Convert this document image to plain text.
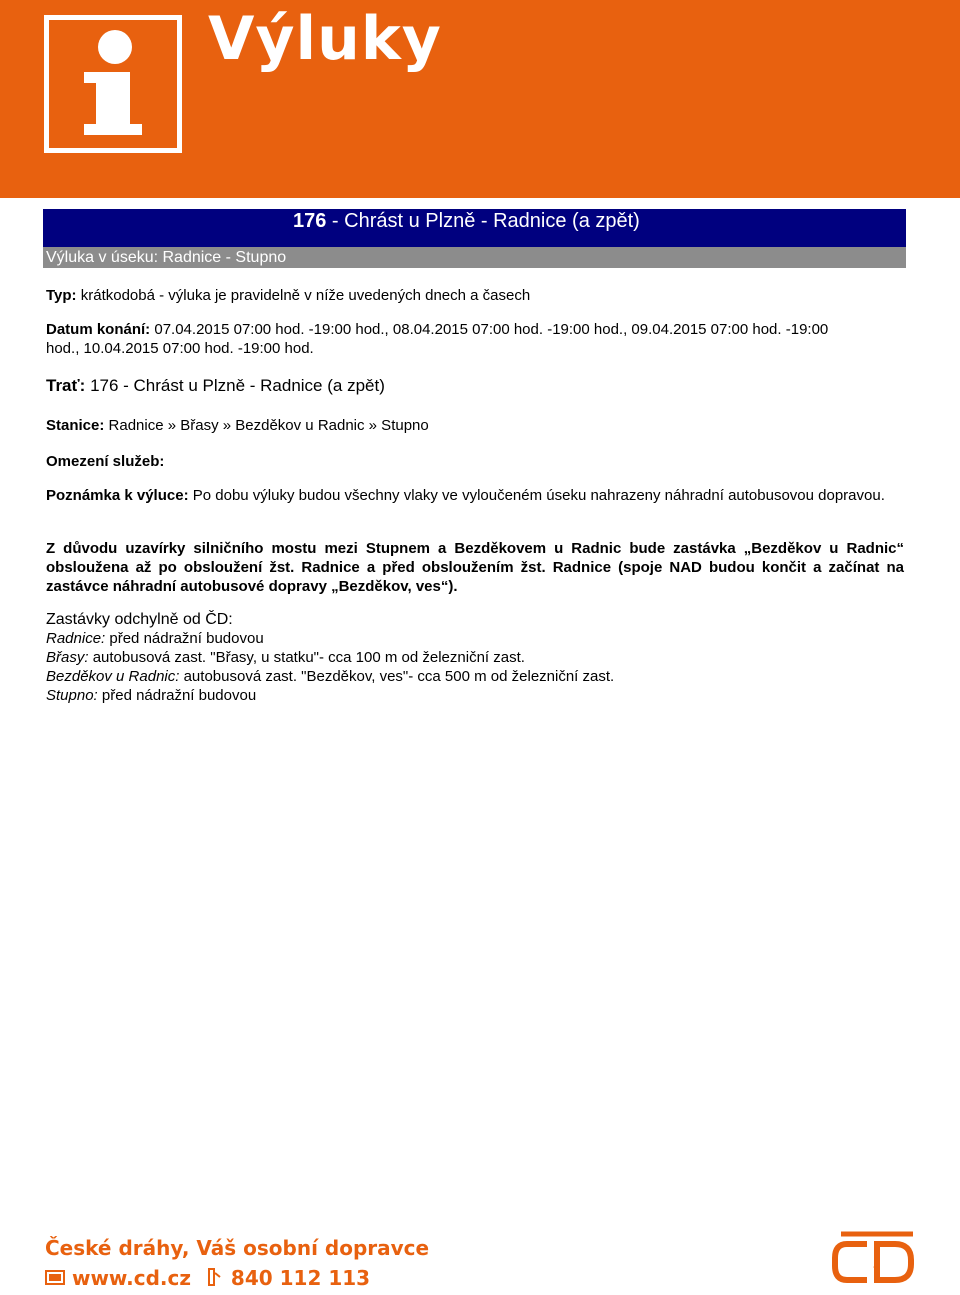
Výluky
176 - Chrást u Plzně - Radnice (a zpět)
Výluka v úseku: Radnice - Stupno
Typ: krátkodobá - výluka je pravidelně v níže uvedených dnech a časech
Datum konání: 07.04.2015 07:00 hod. -19:00 hod., 08.04.2015 07:00 hod. -19:00 hod., 09.04.2015 07:00 hod. -19:00
hod., 10.04.2015 07:00 hod. -19:00 hod.
Trať: 176 - Chrást u Plzně - Radnice (a zpět)
Stanice: Radnice » Břasy » Bezděkov u Radnic » Stupno
Omezení služeb:
Poznámka k výluce: Po dobu výluky budou všechny vlaky ve vyloučeném úseku nahrazeny náhradní autobusovou dopravou.
Z důvodu uzavírky silničního mostu mezi Stupnem a Bezděkovem u Radnic bude zastávka „Bezděkov u Radnic“ obsloužena až po obsloužení žst. Radnice a před obsloužením žst. Radnice (spoje NAD budou končit a začínat na zastávce náhradní autobusové dopravy „Bezděkov, ves“).
Zastávky odchylně od ČD:
Radnice: před nádražní budovou
Břasy: autobusová zast. "Břasy, u statku"- cca 100 m od železniční zast.
Bezděkov u Radnic: autobusová zast. "Bezděkov, ves"- cca 500 m od železniční zast.
Stupno: před nádražní budovou
České dráhy, Váš osobní dopravce
www.cd.cz 840 112 113	ČD
